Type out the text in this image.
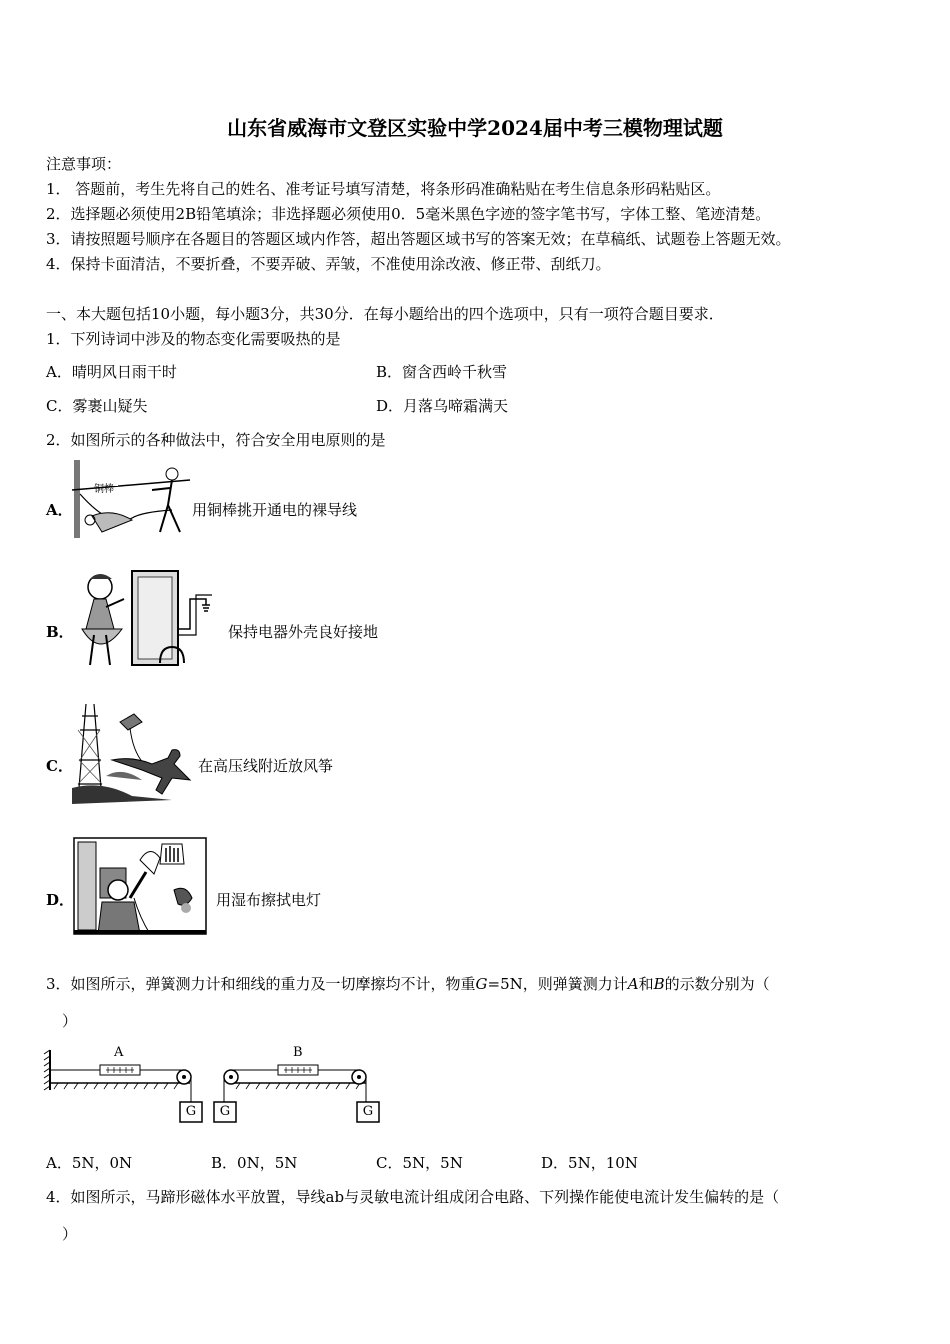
山东省威海市文登区实验中学2024届中考三模物理试题
注意事项：
1． 答题前，考生先将自己的姓名、准考证号填写清楚，将条形码准确粘贴在考生信息条形码粘贴区。
2．选择题必须使用2B铅笔填涂；非选择题必须使用0．5毫米黑色字迹的签字笔书写，字体工整、笔迹清楚。
3．请按照题号顺序在各题目的答题区域内作答，超出答题区域书写的答案无效；在草稿纸、试题卷上答题无效。
4．保持卡面清洁，不要折叠，不要弄破、弄皱，不准使用涂改液、修正带、刮纸刀。
一、本大题包括10小题，每小题3分，共30分．在每小题给出的四个选项中，只有一项符合题目要求．
1．下列诗词中涉及的物态变化需要吸热的是
A．晴明风日雨干时	B．窗含西岭千秋雪
C．雾裹山疑失	D．月落乌啼霜满天
2．如图所示的各种做法中，符合安全用电原则的是
A．
铜棒
用铜棒挑开通电的裸导线
B．	保持电器外壳良好接地
C．	在高压线附近放风筝
D．	用湿布擦拭电灯
3．如图所示，弹簧测力计和细线的重力及一切摩擦均不计，物重G=5N，则弹簧测力计A和B的示数分别为（
）
A	B
G	G	G
A．5N，0N	B．0N，5N	C．5N，5N	D．5N，10N
4．如图所示，马蹄形磁体水平放置，导线ab与灵敏电流计组成闭合电路、下列操作能使电流计发生偏转的是（
）
